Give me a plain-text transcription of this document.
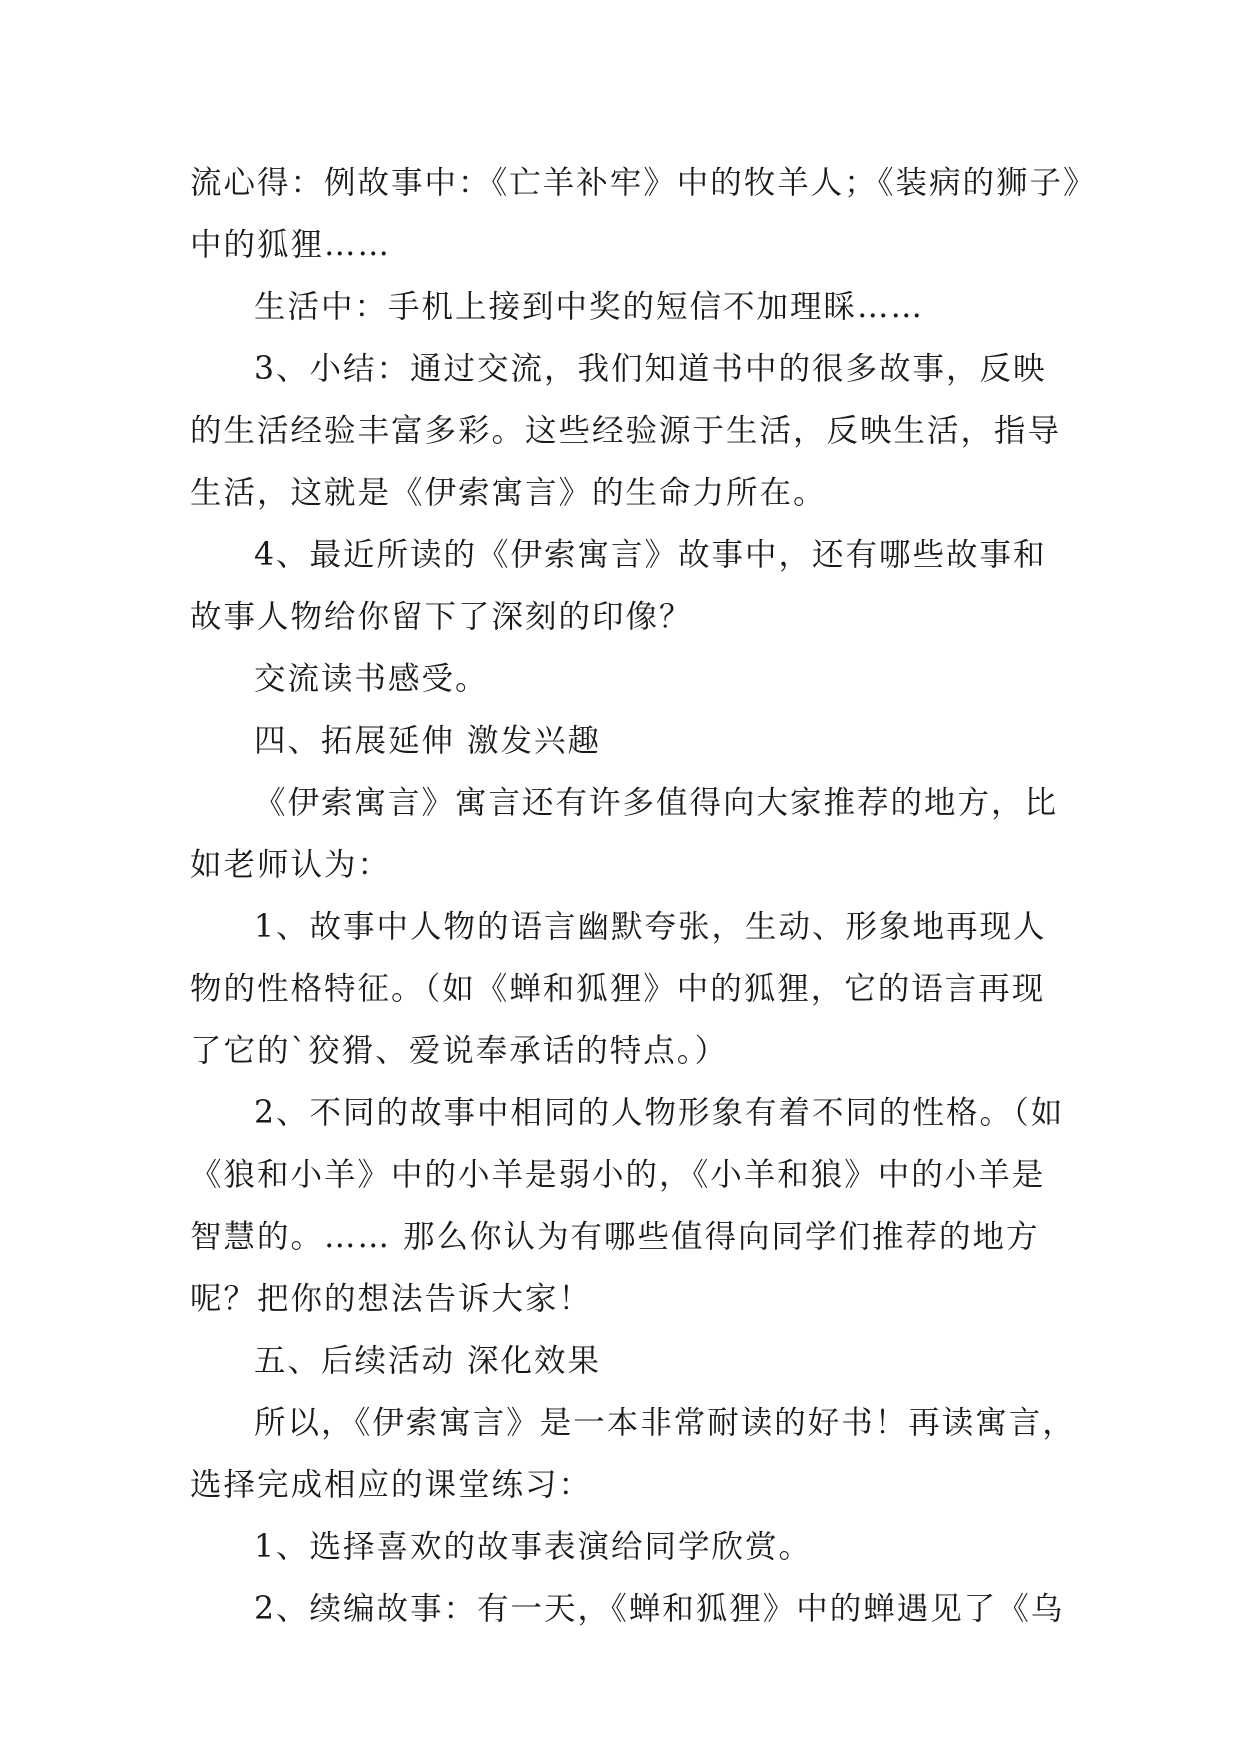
流心得：例故事中：《亡羊补牢》中的牧羊人；《装病的狮子》
中的狐狸……
生活中：手机上接到中奖的短信不加理睬……
3、小结：通过交流，我们知道书中的很多故事，反映
的生活经验丰富多彩。这些经验源于生活，反映生活，指导
生活，这就是《伊索寓言》的生命力所在。
4、最近所读的《伊索寓言》故事中，还有哪些故事和
故事人物给你留下了深刻的印像？
交流读书感受。
四、拓展延伸 激发兴趣
《伊索寓言》寓言还有许多值得向大家推荐的地方，比
如老师认为：
1、故事中人物的语言幽默夸张，生动、形象地再现人
物的性格特征。（如《蝉和狐狸》中的狐狸，它的语言再现
了它的`狡猾、爱说奉承话的特点。）
2、不同的故事中相同的人物形象有着不同的性格。（如
《狼和小羊》中的小羊是弱小的，《小羊和狼》中的小羊是
智慧的。…… 那么你认为有哪些值得向同学们推荐的地方
呢？把你的想法告诉大家！
五、后续活动 深化效果
所以，《伊索寓言》是一本非常耐读的好书！再读寓言，
选择完成相应的课堂练习：
1、选择喜欢的故事表演给同学欣赏。
2、续编故事：有一天，《蝉和狐狸》中的蝉遇见了《乌
